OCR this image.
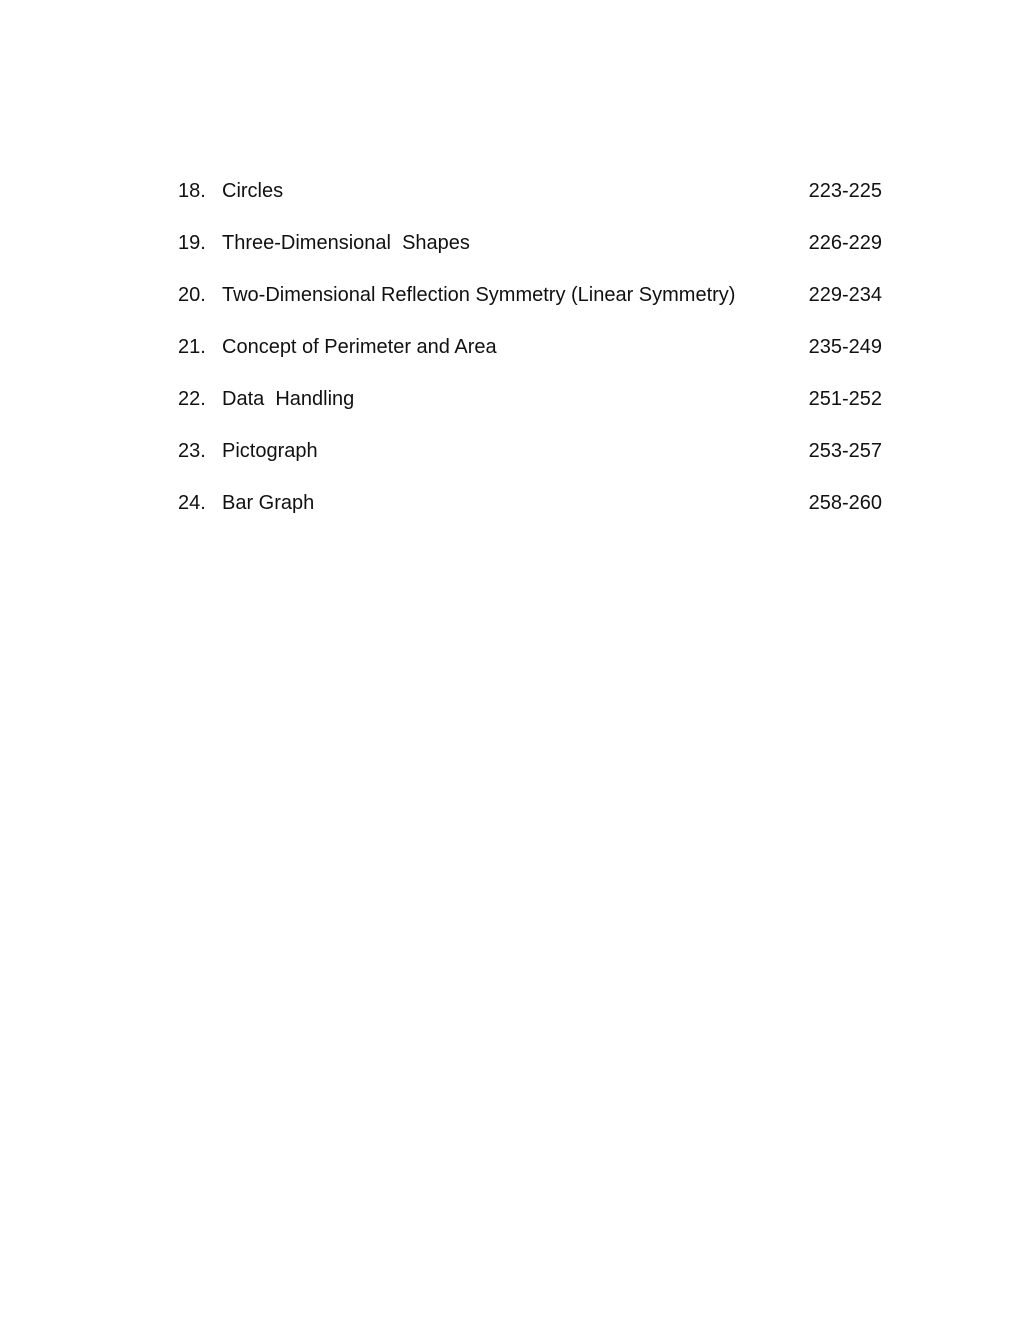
18. Circles	223-225
19. Three-Dimensional  Shapes	226-229
20. Two-Dimensional Reflection Symmetry (Linear Symmetry)	229-234
21. Concept of Perimeter and Area	235-249
22. Data  Handling	251-252
23. Pictograph	253-257
24. Bar Graph	258-260
